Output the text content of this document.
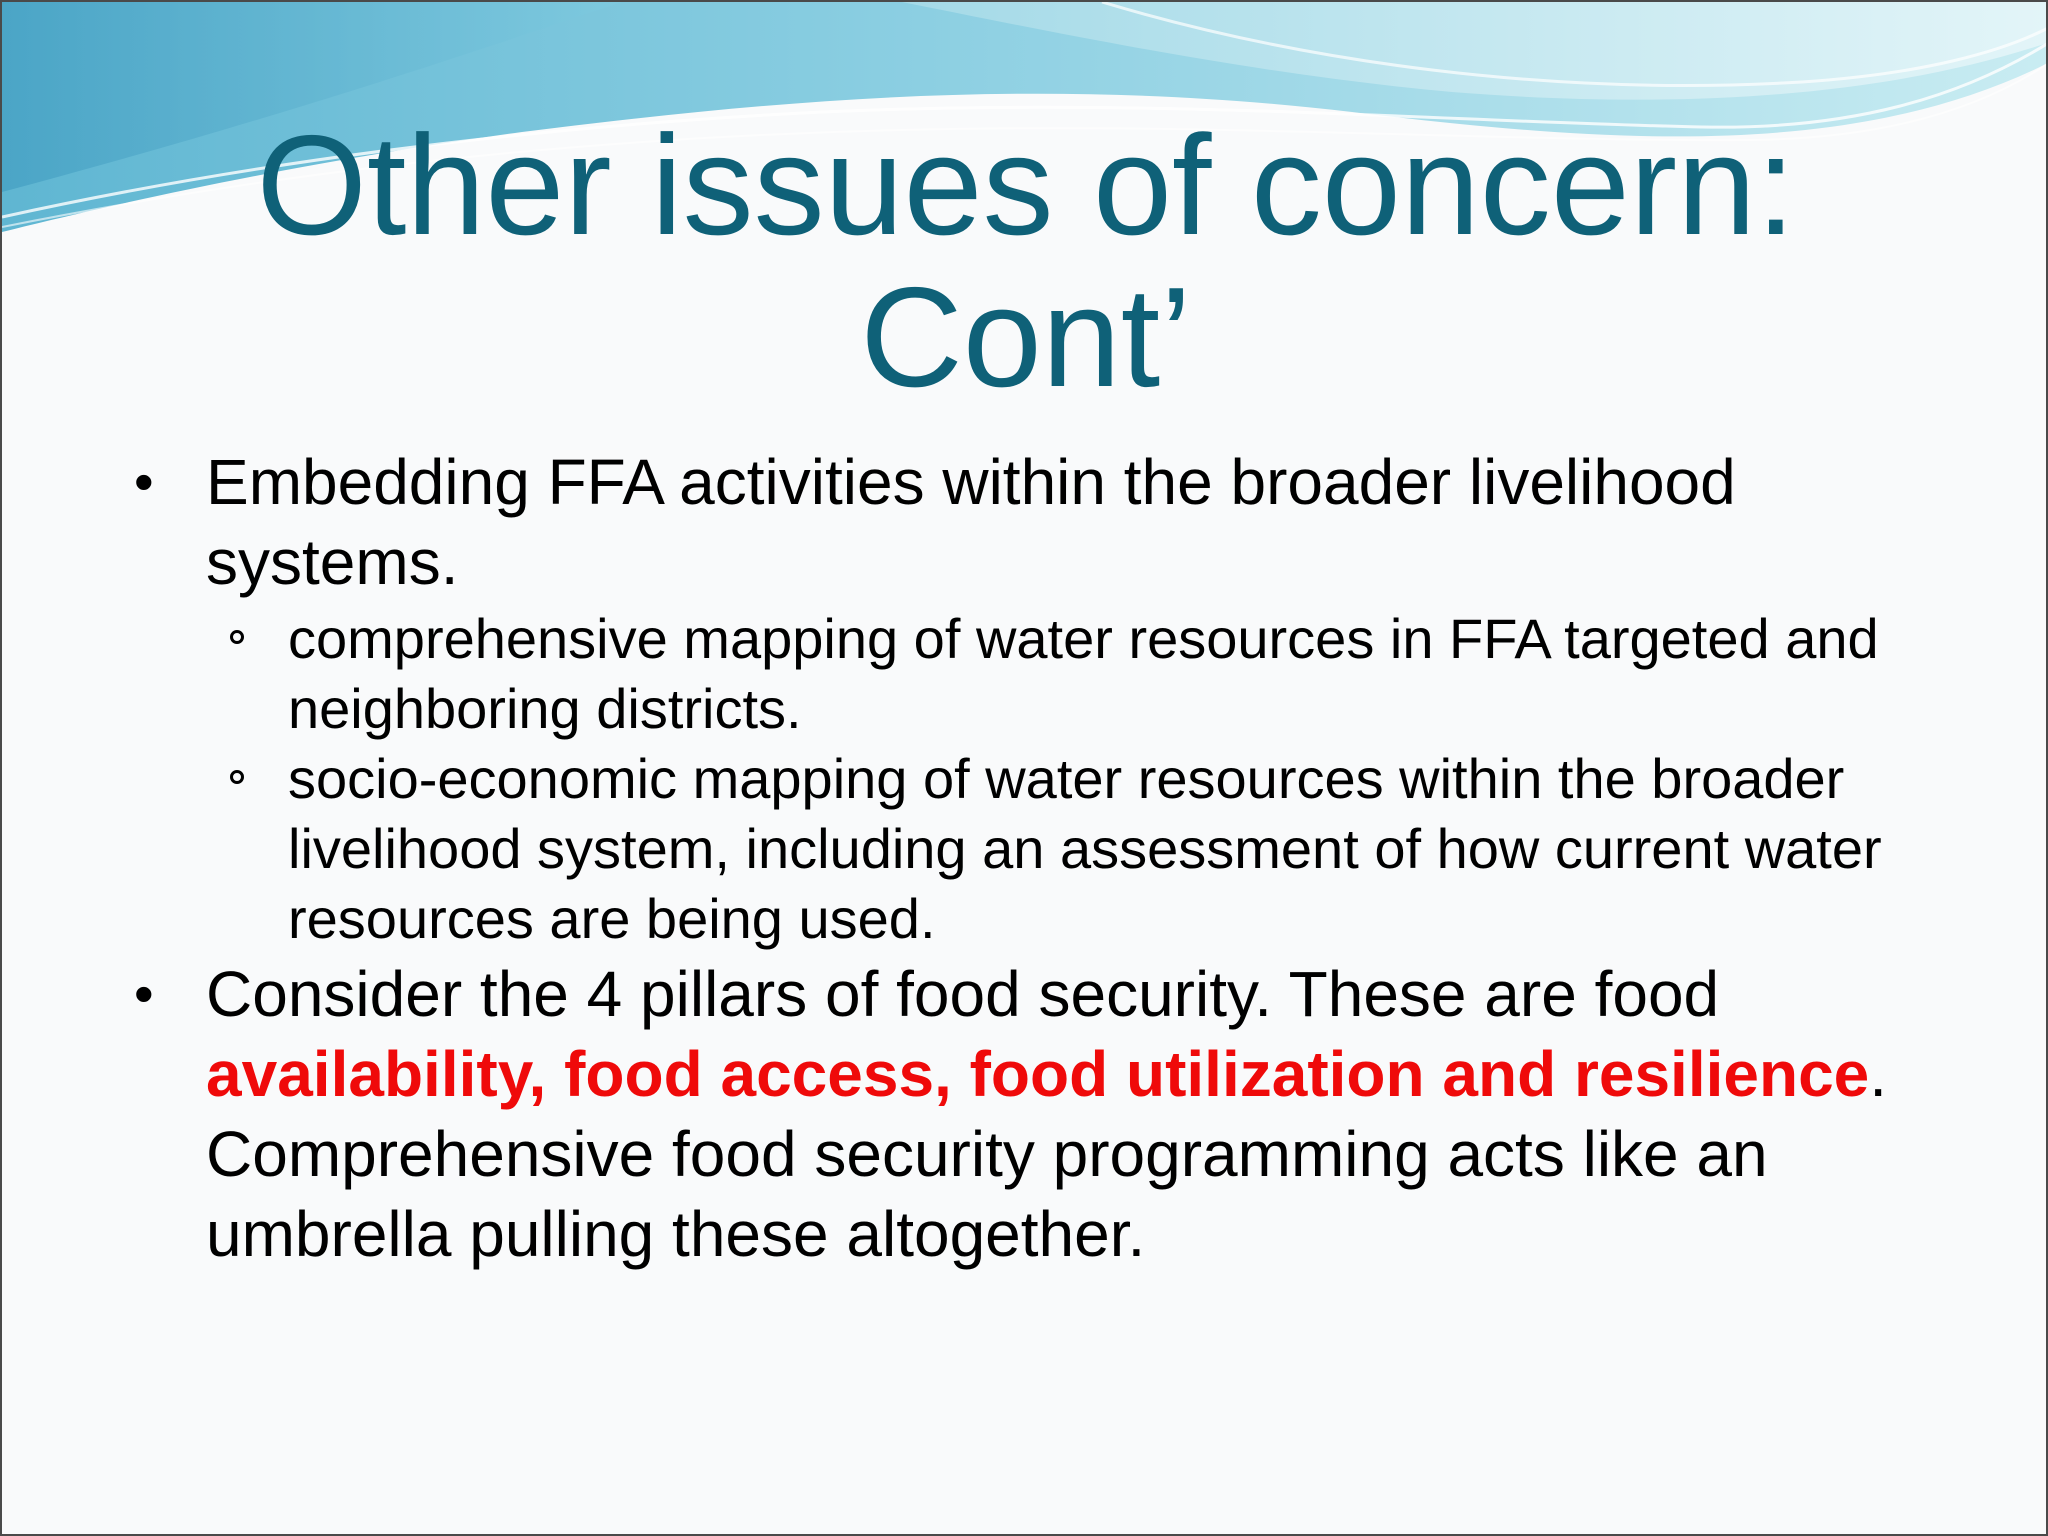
Other issues of concern:
Cont’
• Embedding FFA activities within the broader livelihood systems.
comprehensive mapping of water resources in FFA targeted and neighboring districts.
socio-economic mapping of water resources within the broader livelihood system, including an assessment of how current water resources are being used.
• Consider the 4 pillars of food security. These are food availability, food access, food utilization and resilience. Comprehensive food security programming acts like an umbrella pulling these altogether.
